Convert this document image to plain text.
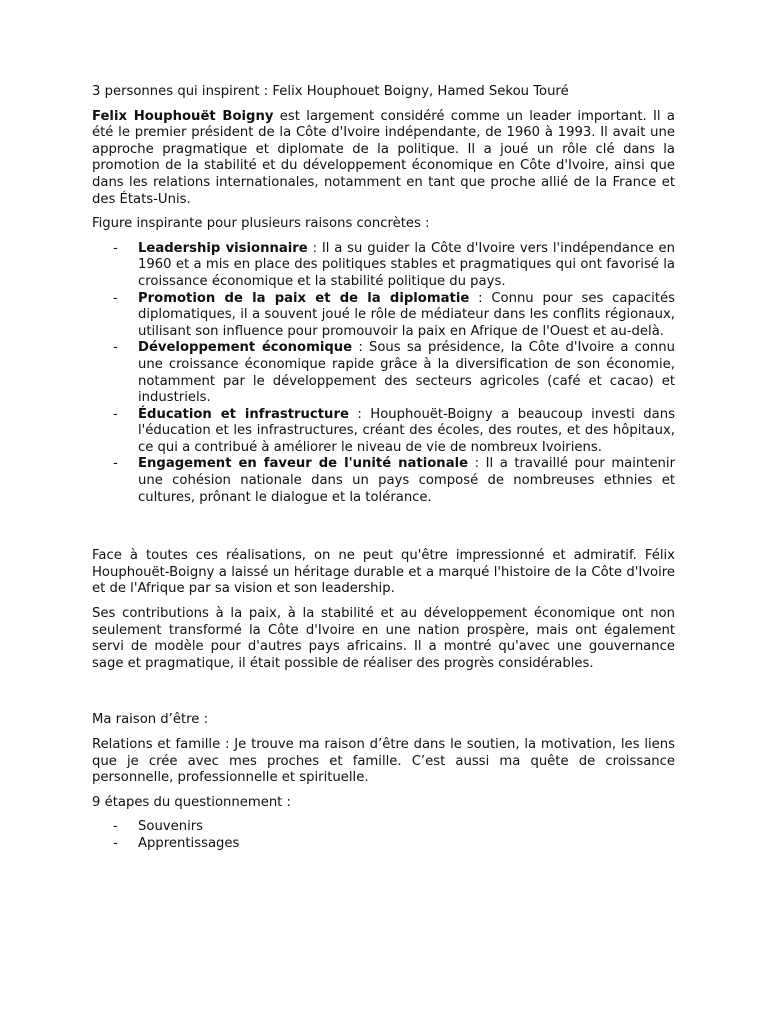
3 personnes qui inspirent : Felix Houphouet Boigny, Hamed Sekou Touré

Felix Houphouët Boigny est largement considéré comme un leader important. Il a été le premier président de la Côte d'Ivoire indépendante, de 1960 à 1993. Il avait une approche pragmatique et diplomate de la politique. Il a joué un rôle clé dans la promotion de la stabilité et du développement économique en Côte d'Ivoire, ainsi que dans les relations internationales, notamment en tant que proche allié de la France et des États-Unis.

Figure inspirante pour plusieurs raisons concrètes :

- Leadership visionnaire : Il a su guider la Côte d'Ivoire vers l'indépendance en 1960 et a mis en place des politiques stables et pragmatiques qui ont favorisé la croissance économique et la stabilité politique du pays.
- Promotion de la paix et de la diplomatie : Connu pour ses capacités diplomatiques, il a souvent joué le rôle de médiateur dans les conflits régionaux, utilisant son influence pour promouvoir la paix en Afrique de l'Ouest et au-delà.
- Développement économique : Sous sa présidence, la Côte d'Ivoire a connu une croissance économique rapide grâce à la diversification de son économie, notamment par le développement des secteurs agricoles (café et cacao) et industriels.
- Éducation et infrastructure : Houphouët-Boigny a beaucoup investi dans l'éducation et les infrastructures, créant des écoles, des routes, et des hôpitaux, ce qui a contribué à améliorer le niveau de vie de nombreux Ivoiriens.
- Engagement en faveur de l'unité nationale : Il a travaillé pour maintenir une cohésion nationale dans un pays composé de nombreuses ethnies et cultures, prônant le dialogue et la tolérance.

Face à toutes ces réalisations, on ne peut qu'être impressionné et admiratif. Félix Houphouët-Boigny a laissé un héritage durable et a marqué l'histoire de la Côte d'Ivoire et de l'Afrique par sa vision et son leadership.

Ses contributions à la paix, à la stabilité et au développement économique ont non seulement transformé la Côte d'Ivoire en une nation prospère, mais ont également servi de modèle pour d'autres pays africains. Il a montré qu'avec une gouvernance sage et pragmatique, il était possible de réaliser des progrès considérables.

Ma raison d’être :

Relations et famille : Je trouve ma raison d’être dans le soutien, la motivation, les liens que je crée avec mes proches et famille. C’est aussi ma quête de croissance personnelle, professionnelle et spirituelle.

9 étapes du questionnement :

- Souvenirs
- Apprentissages
